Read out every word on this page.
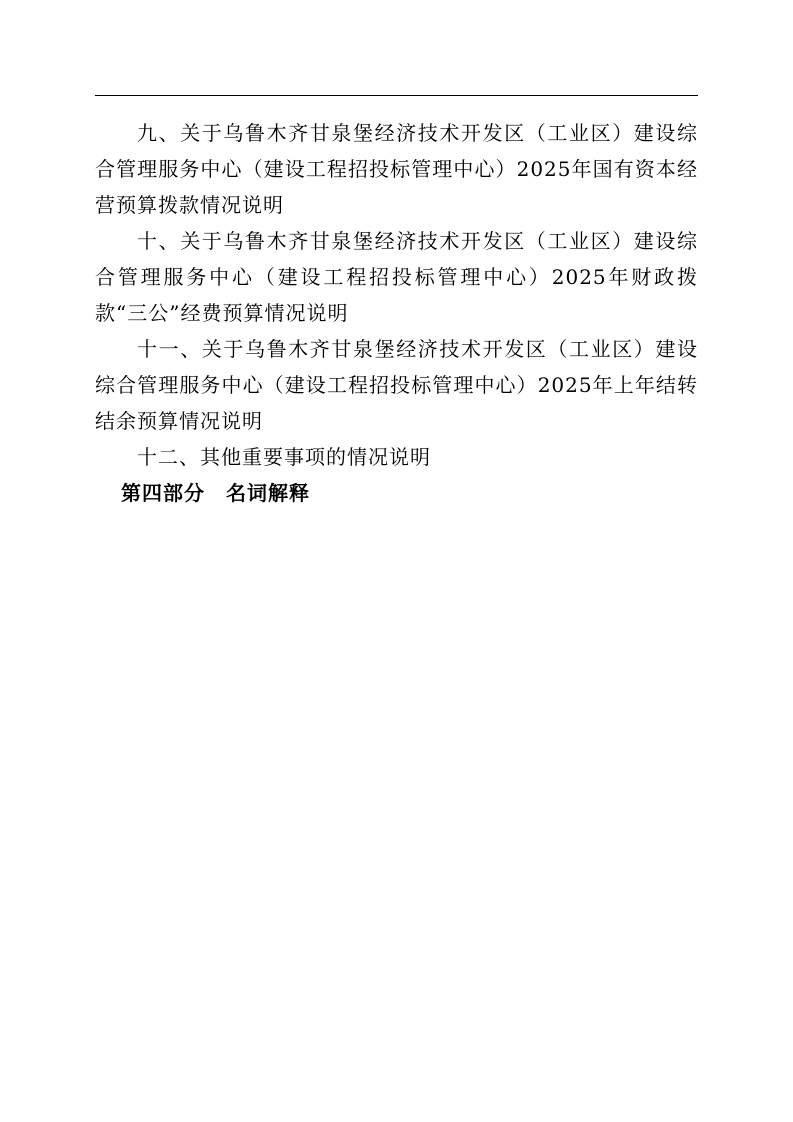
九、关于乌鲁木齐甘泉堡经济技术开发区（工业区）建设综合管理服务中心（建设工程招投标管理中心）2025年国有资本经营预算拨款情况说明

十、关于乌鲁木齐甘泉堡经济技术开发区（工业区）建设综合管理服务中心（建设工程招投标管理中心）2025年财政拨款“三公”经费预算情况说明

十一、关于乌鲁木齐甘泉堡经济技术开发区（工业区）建设综合管理服务中心（建设工程招投标管理中心）2025年上年结转结余预算情况说明

十二、其他重要事项的情况说明

第四部分　名词解释
